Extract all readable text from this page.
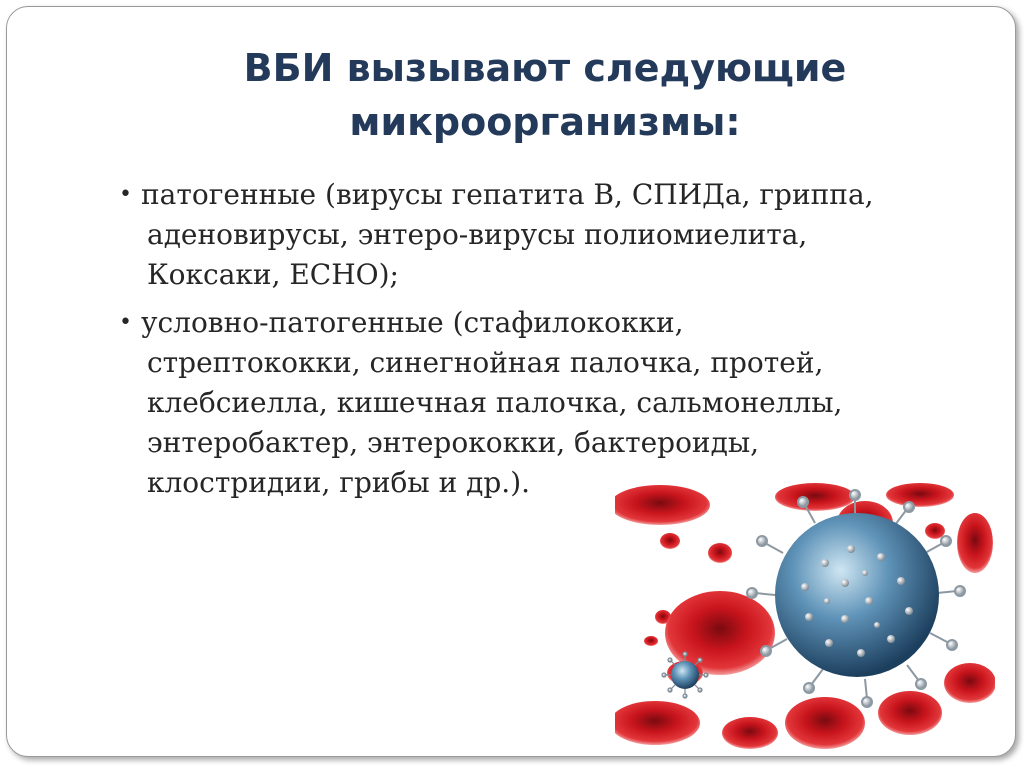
ВБИ вызывают следующие
микроорганизмы:
• патогенные (вирусы гепатита В, СПИДа, гриппа,
аденовирусы, энтеро-вирусы полиомиелита,
Коксаки, ЕСНО);
• условно-патогенные (стафилококки,
стрептококки, синегнойная палочка, протей,
клебсиелла, кишечная палочка, сальмонеллы,
энтеробактер, энтерококки, бактероиды,
клостридии, грибы и др.).
